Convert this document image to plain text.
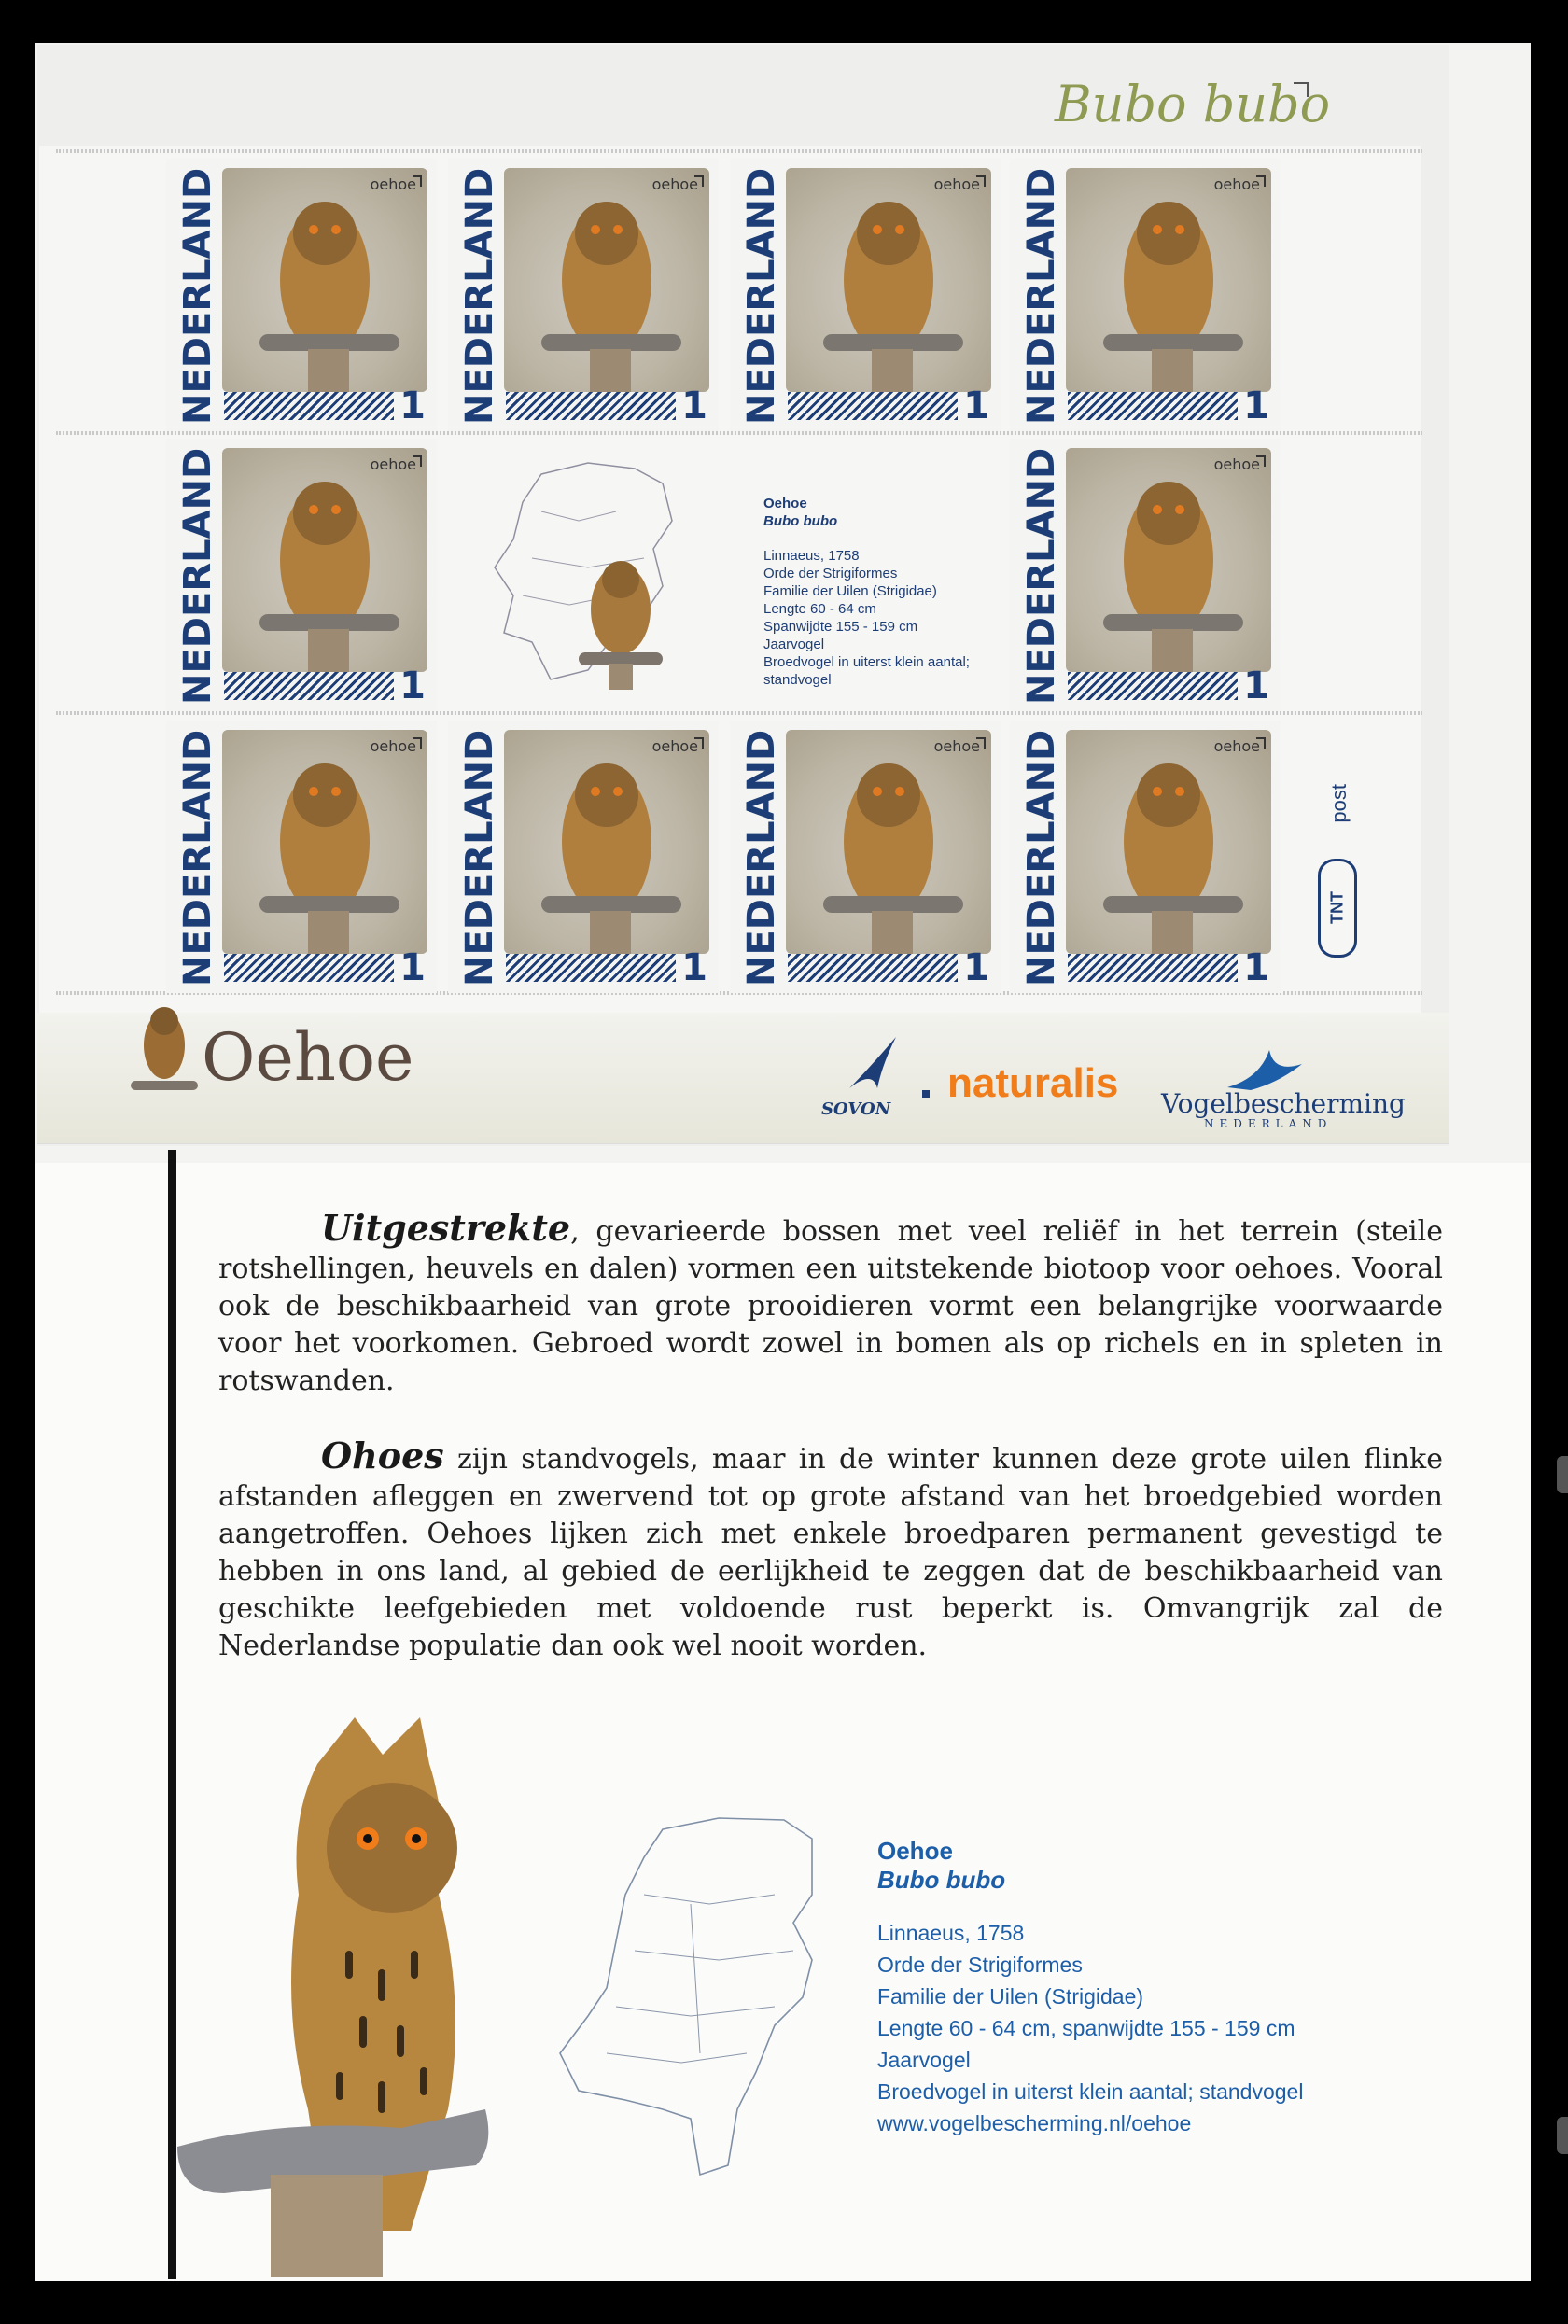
Bubo bubo
NEDERLAND	oehoe
1 NEDERLAND	oehoe
1 NEDERLAND	oehoe
1 NEDERLAND	oehoe
1
NEDERLAND	oehoe
1	NEDERLAND	oehoe
1
NEDERLAND	oehoe
1 NEDERLAND	oehoe
1 NEDERLAND	oehoe
1 NEDERLAND	oehoe
1
Oehoe
Bubo bubo
Linnaeus, 1758
Orde der Strigiformes
Familie der Uilen (Strigidae)
Lengte 60 - 64 cm
Spanwijdte 155 - 159 cm
Jaarvogel
Broedvogel in uiterst klein aantal;
standvogel
post
TNT
Oehoe
SOVON
naturalis Vogelbescherming
NEDERLAND
Uitgestrekte, gevarieerde bossen met veel reliëf in het terrein (steile rotshellingen, heuvels en dalen) vormen een uitstekende biotoop voor oehoes. Vooral ook de beschikbaarheid van grote prooidieren vormt een belangrijke voorwaarde voor het voorkomen. Gebroed wordt zowel in bomen als op richels en in spleten in rotswanden.
Ohoes zijn standvogels, maar in de winter kunnen deze grote uilen flinke afstanden afleggen en zwervend tot op grote afstand van het broedgebied worden aangetroffen. Oehoes lijken zich met enkele broedparen permanent gevestigd te hebben in ons land, al gebied de eerlijkheid te zeggen dat de beschikbaarheid van geschikte leefgebieden met voldoende rust beperkt is. Omvangrijk zal de Nederlandse populatie dan ook wel nooit worden.
Oehoe
Bubo bubo
Linnaeus, 1758
Orde der Strigiformes
Familie der Uilen (Strigidae)
Lengte 60 - 64 cm, spanwijdte 155 - 159 cm
Jaarvogel
Broedvogel in uiterst klein aantal; standvogel
www.vogelbescherming.nl/oehoe
